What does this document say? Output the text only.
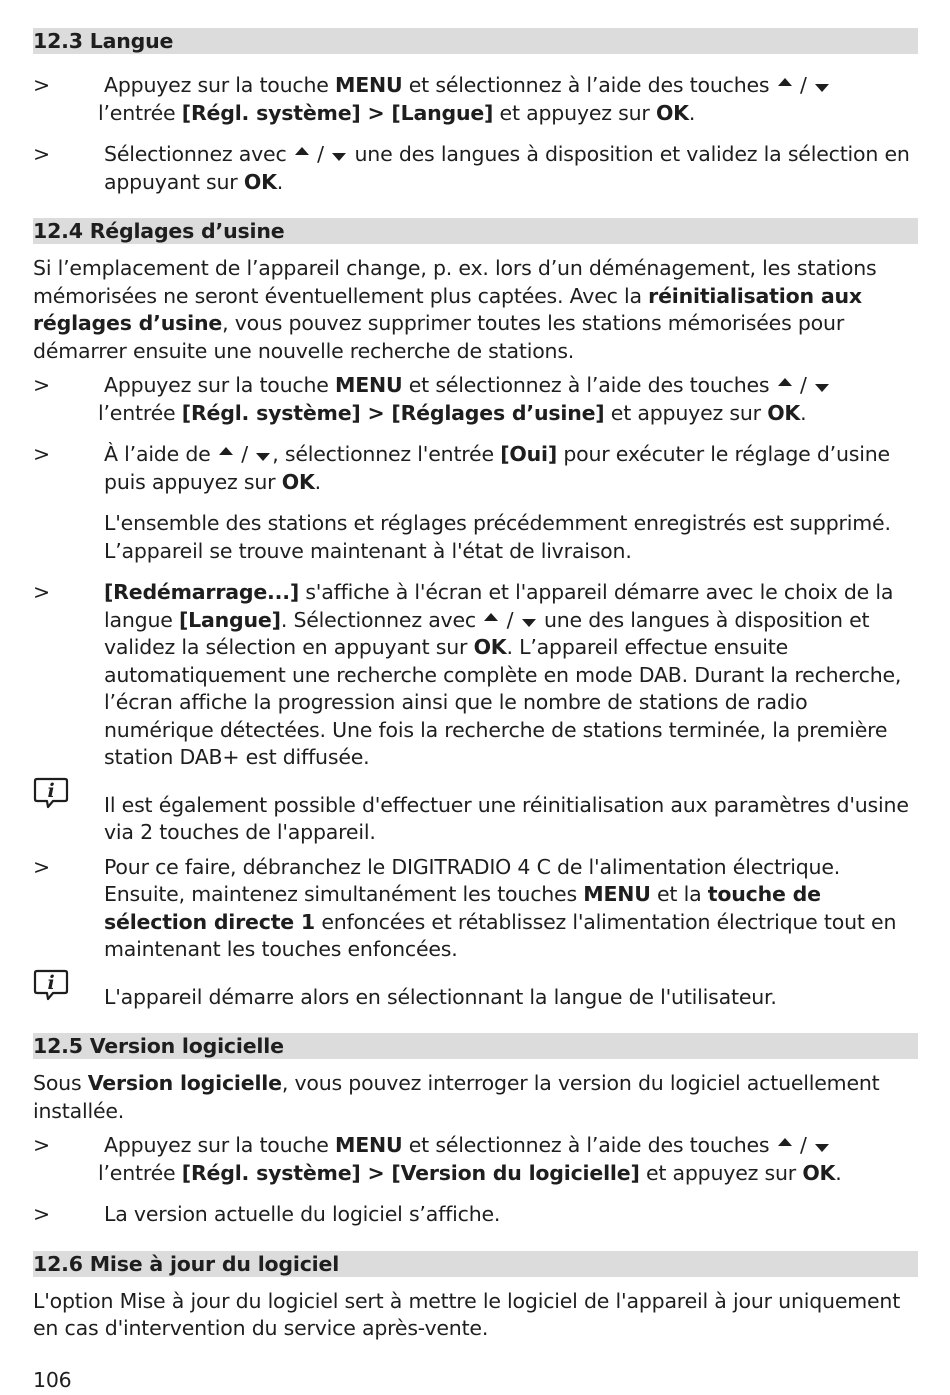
12.3 Langue
>	Appuyez sur la touche MENU et sélectionnez à l’aide des touches  /
l’entrée [Régl. système] > [Langue] et appuyez sur OK.
>	Sélectionnez avec  /  une des langues à disposition et validez la sélection en appuyant sur OK.
12.4 Réglages d’usine

Si l’emplacement de l’appareil change, p. ex. lors d’un déménagement, les stations mémorisées ne seront éventuellement plus captées. Avec la réinitialisation aux réglages d’usine, vous pouvez supprimer toutes les stations mémorisées pour démarrer ensuite une nouvelle recherche de stations.

>	Appuyez sur la touche MENU et sélectionnez à l’aide des touches  /
l’entrée [Régl. système] > [Réglages d’usine] et appuyez sur OK.
>	À l’aide de  / , sélectionnez l'entrée [Oui] pour exécuter le réglage d’usine puis appuyez sur OK.
L'ensemble des stations et réglages précédemment enregistrés est supprimé. L’appareil se trouve maintenant à l'état de livraison.
>	[Redémarrage...] s'affiche à l'écran et l'appareil démarre avec le choix de la langue [Langue]. Sélectionnez avec  /  une des langues à disposition et validez la sélection en appuyant sur OK. L’appareil effectue ensuite automatiquement une recherche complète en mode DAB. Durant la recherche, l’écran affiche la progression ainsi que le nombre de stations de radio numérique détectées. Une fois la recherche de stations terminée, la première station DAB+ est diffusée.
i
Il est également possible d'effectuer une réinitialisation aux paramètres d'usine via 2 touches de l'appareil.
>	Pour ce faire, débranchez le DIGITRADIO 4 C de l'alimentation électrique. Ensuite, maintenez simultanément les touches MENU et la touche de sélection directe 1 enfoncées et rétablissez l'alimentation électrique tout en maintenant les touches enfoncées.
i
L'appareil démarre alors en sélectionnant la langue de l'utilisateur.
12.5 Version logicielle

Sous Version logicielle, vous pouvez interroger la version du logiciel actuellement installée.

>	Appuyez sur la touche MENU et sélectionnez à l’aide des touches  /
l’entrée [Régl. système] > [Version du logicielle] et appuyez sur OK.
>	La version actuelle du logiciel s’affiche.
12.6 Mise à jour du logiciel

L'option Mise à jour du logiciel sert à mettre le logiciel de l'appareil à jour uniquement en cas d'intervention du service après-vente.

106
